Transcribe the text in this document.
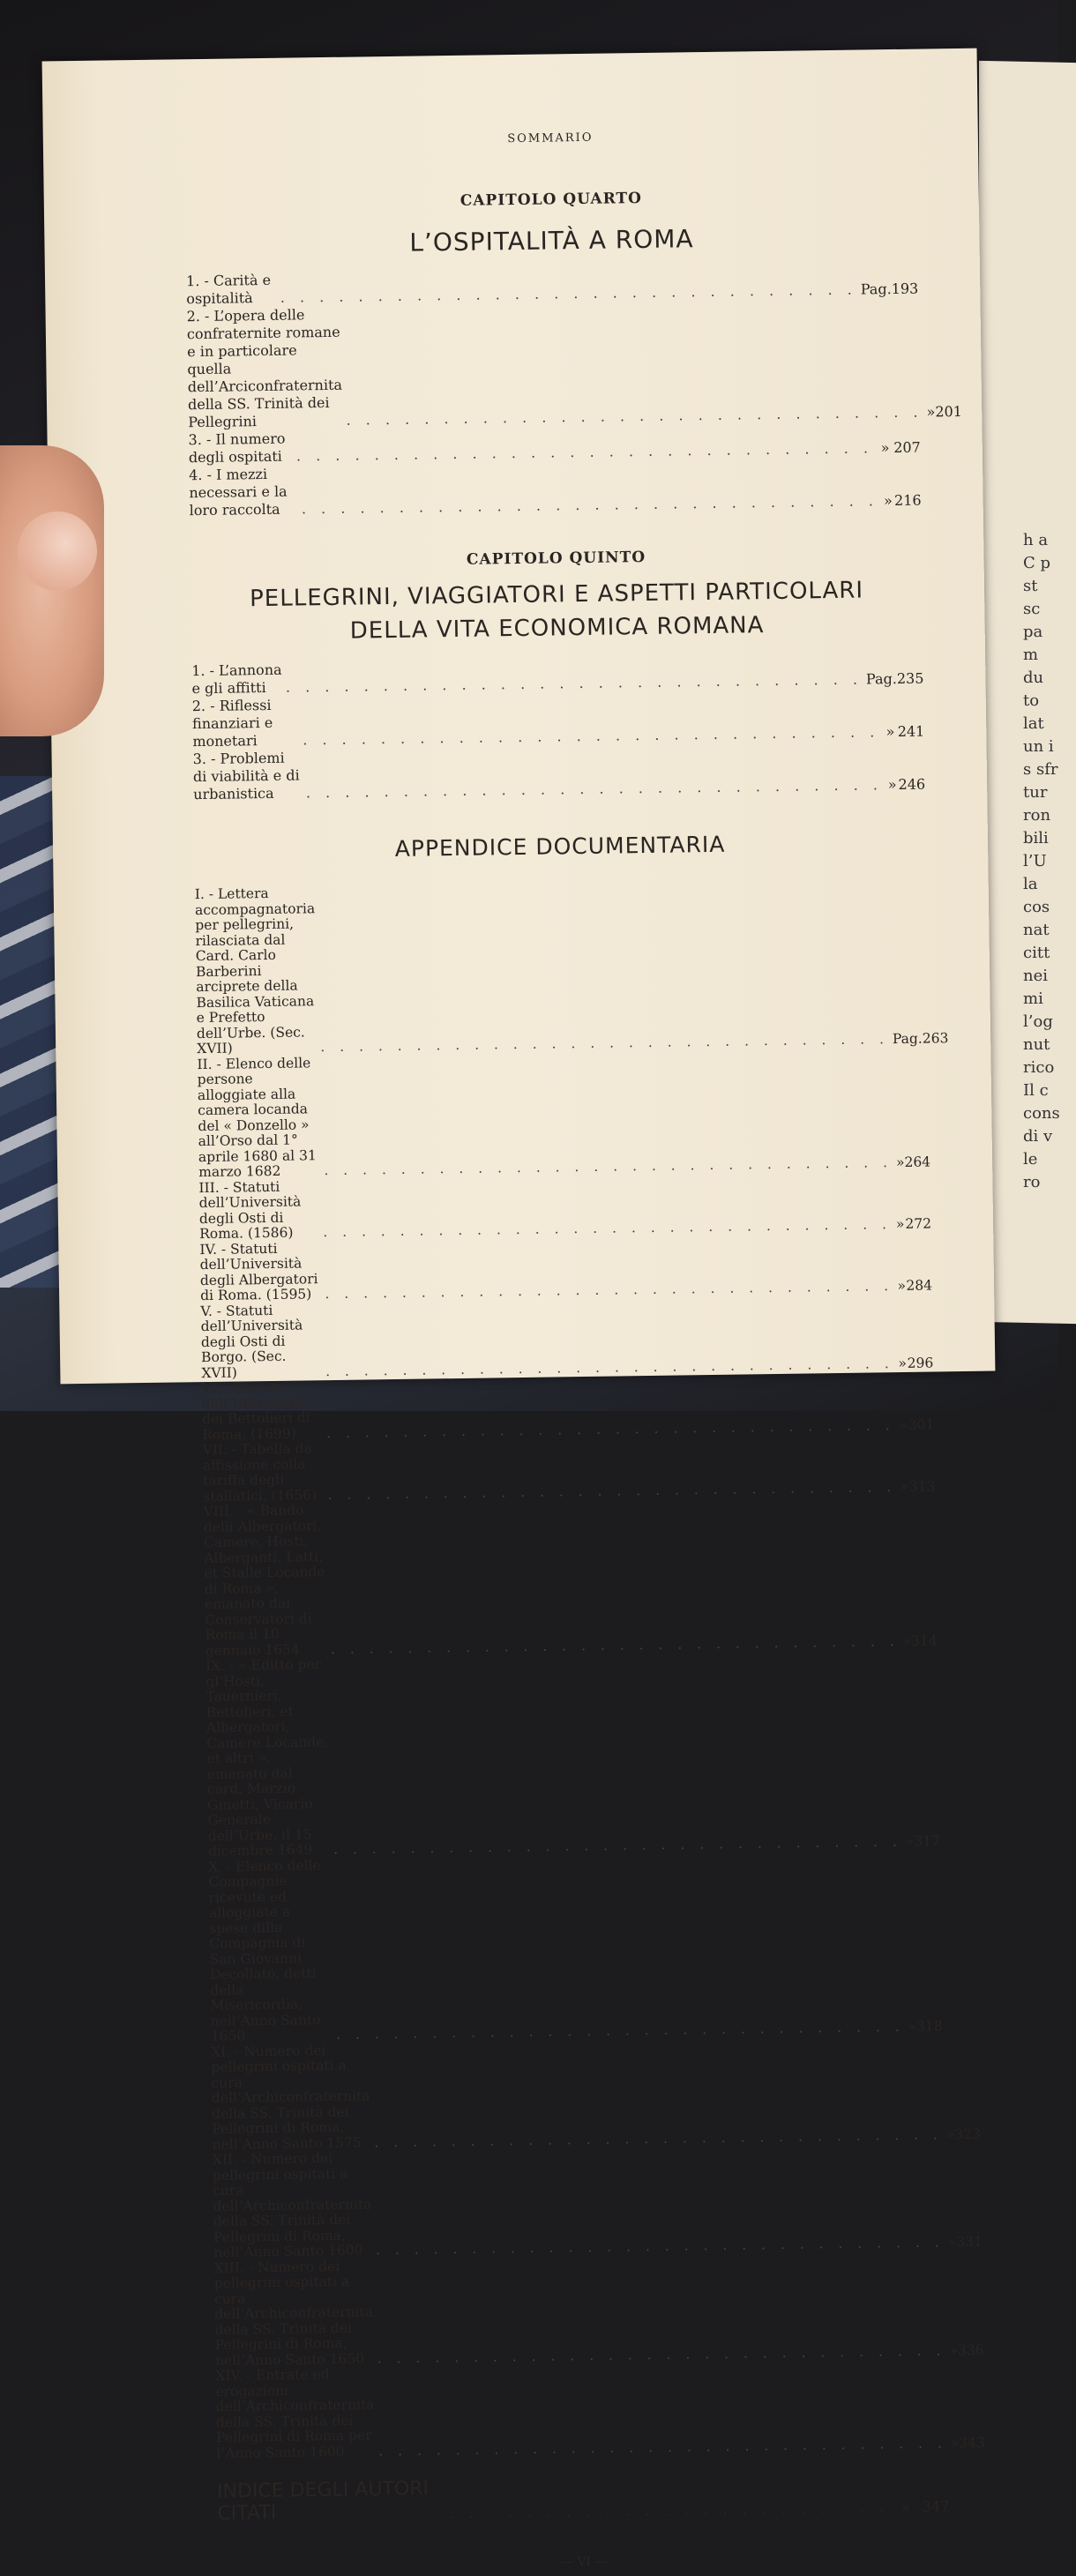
h a C p st sc pa m du to lat un i s sfr tur ron bili l’U la cos nat citt nei mi l’og nut rico Il c cons di v le ro
SOMMARIO
CAPITOLO QUARTO
L’OSPITALITÀ A ROMA
1. - Carità e ospitalità	. . . . . . . . . . . . . . . . . . . . . . . . . . . . . . Pag. 193
2. - L’opera delle confraternite romane e in particolare quella dell’Arciconfraternita della SS. Trinità dei Pellegrini	. . . . . . . . . . . . . . . . . . . . . . . . . . . . . . » 201
3. - Il numero degli ospitati . . . . . . . . . . . . . . . . . . . . . . . . . . . . . . » 207
4. - I mezzi necessari e la loro raccolta	. . . . . . . . . . . . . . . . . . . . . . . . . . . . . . » 216
CAPITOLO QUINTO
PELLEGRINI, VIAGGIATORI E ASPETTI PARTICOLARI
DELLA VITA ECONOMICA ROMANA
1. - L’annona e gli affitti	. . . . . . . . . . . . . . . . . . . . . . . . . . . . . . Pag. 235
2. - Riflessi finanziari e monetari	. . . . . . . . . . . . . . . . . . . . . . . . . . . . . . » 241
3. - Problemi di viabilità e di urbanistica	. . . . . . . . . . . . . . . . . . . . . . . . . . . . . . » 246
APPENDICE DOCUMENTARIA
I. - Lettera accompagnatoria per pellegrini, rilasciata dal Card. Carlo Barberini arciprete della Basilica Vaticana e Prefetto dell’Urbe. (Sec. XVII)	. . . . . . . . . . . . . . . . . . . . . . . . . . . . . . Pag. 263
II. - Elenco delle persone alloggiate alla camera locanda del « Donzello » all’Orso dal 1° aprile 1680 al 31 marzo 1682	. . . . . . . . . . . . . . . . . . . . . . . . . . . . . . » 264
III. - Statuti dell’Università degli Osti di Roma. (1586)	. . . . . . . . . . . . . . . . . . . . . . . . . . . . . . » 272
IV. - Statuti dell’Università degli Albergatori di Roma. (1595) . . . . . . . . . . . . . . . . . . . . . . . . . . . . . . » 284
V. - Statuti dell’Università degli Osti di Borgo. (Sec. XVII)	. . . . . . . . . . . . . . . . . . . . . . . . . . . . . . » 296
VI. - Statuti dell’Università dei Bettolieri di Roma. (1699)	. . . . . . . . . . . . . . . . . . . . . . . . . . . . . . » 301
VII. - Tabella da affissione colla tariffa degli stallatici. (1656) . . . . . . . . . . . . . . . . . . . . . . . . . . . . . . » 313
VIII. - « Bando delli Albergatori, Camere, Hosti, Alberganti, Latti, et Stalle Locande di Roma », emanato dai Conservatori di Roma il 10 gennaio 1654	. . . . . . . . . . . . . . . . . . . . . . . . . . . . . . » 314
IX. - « Editto per gl’Hosti, Tauernieri, Bettolieri, et Albergatori, Camere Locande, et altri », emanato dal card. Marzio Ginetti, Vicario Generale dell’Urbe, il 15 dicembre 1649	. . . . . . . . . . . . . . . . . . . . . . . . . . . . . . » 317
X. - Elenco delle Compagnie ricevute ed alloggiate a spese dilla Compagnia di San Giovanni Decollato, detti della Misericordia, nell’Anno Santo 1650	. . . . . . . . . . . . . . . . . . . . . . . . . . . . . . » 318
XI. - Numero dei pellegrini ospitati a cura dell’Archiconfraternita della SS. Trinità dei Pellegrini di Roma, nell’Anno Santo 1575 . . . . . . . . . . . . . . . . . . . . . . . . . . . . . . » 323
XII. - Numero dei pellegrini ospitati a cura dell’Archiconfraternita della SS. Trinità dei Pellegrini di Roma, nell’Anno Santo 1600 . . . . . . . . . . . . . . . . . . . . . . . . . . . . . . » 331
XIII. - Numero dei pellegrini ospitati a cura dell’Archiconfraternita della SS. Trinità dei Pellegrini di Roma, nell’Anno Santo 1650 . . . . . . . . . . . . . . . . . . . . . . . . . . . . . . » 336
XIV. - Entrate ed erogazioni dell’Archiconfraternita della SS. Trinità dei Pellegrini di Roma per l’Anno Santo 1600	. . . . . . . . . . . . . . . . . . . . . . . . . . . . . . » 343
INDICE DEGLI AUTORI CITATI	. . . . . . . . . . . . . . . . . . . . . . . » 347
— VI —
